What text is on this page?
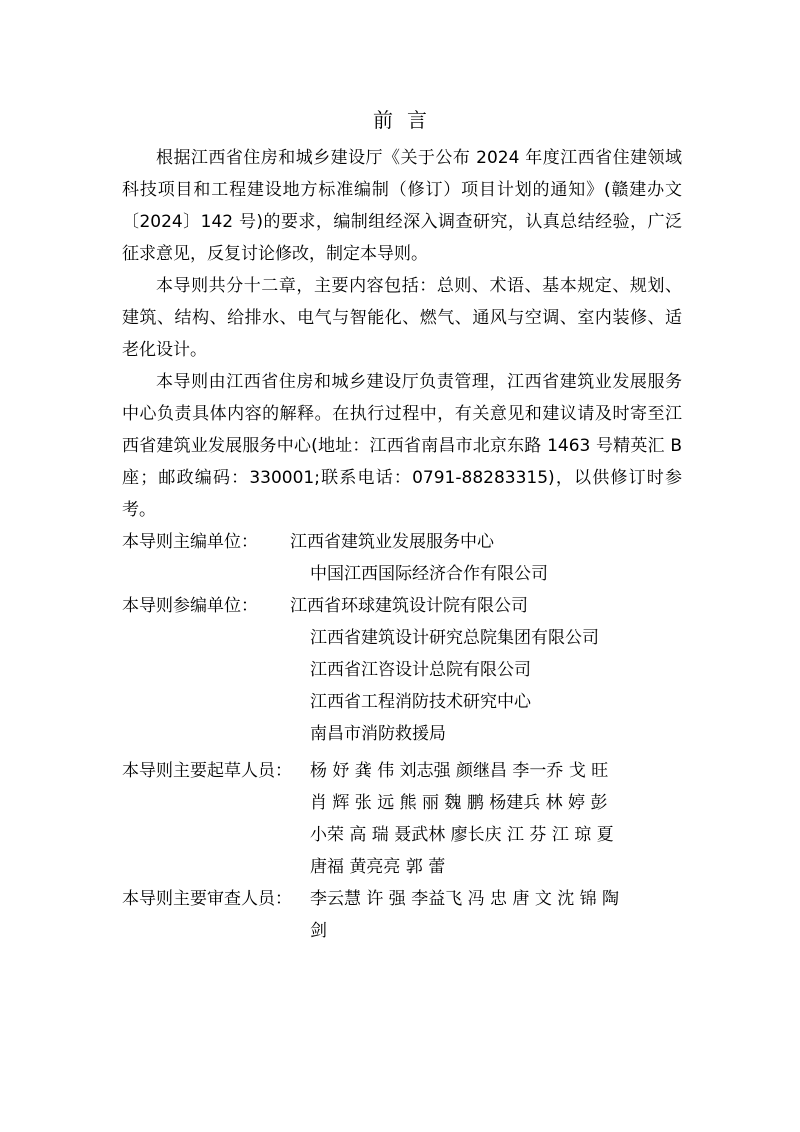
前 言

根据江西省住房和城乡建设厅《关于公布 2024 年度江西省住建领域科技项目和工程建设地方标准编制（修订）项目计划的通知》(赣建办文〔2024〕142 号)的要求，编制组经深入调查研究，认真总结经验，广泛征求意见，反复讨论修改，制定本导则。

本导则共分十二章，主要内容包括：总则、术语、基本规定、规划、建筑、结构、给排水、电气与智能化、燃气、通风与空调、室内装修、适老化设计。

本导则由江西省住房和城乡建设厅负责管理，江西省建筑业发展服务中心负责具体内容的解释。在执行过程中，有关意见和建议请及时寄至江西省建筑业发展服务中心(地址：江西省南昌市北京东路 1463 号精英汇 B 座；邮政编码：330001;联系电话：0791-88283315)，以供修订时参考。

本导则主编单位： 江西省建筑业发展服务中心
中国江西国际经济合作有限公司
本导则参编单位： 江西省环球建筑设计院有限公司
江西省建筑设计研究总院集团有限公司
江西省江咨设计总院有限公司
江西省工程消防技术研究中心
南昌市消防救援局
本导则主要起草人员： 杨 妤 龚 伟 刘志强 颜继昌 李一乔 戈 旺
肖 辉 张 远 熊 丽 魏 鹏 杨建兵 林 婷 彭
小荣 高 瑞 聂武林 廖长庆 江 芬 江 琼 夏
唐福 黄亮亮 郭 蕾
本导则主要审查人员： 李云慧 许 强 李益飞 冯 忠 唐 文 沈 锦 陶
剑
